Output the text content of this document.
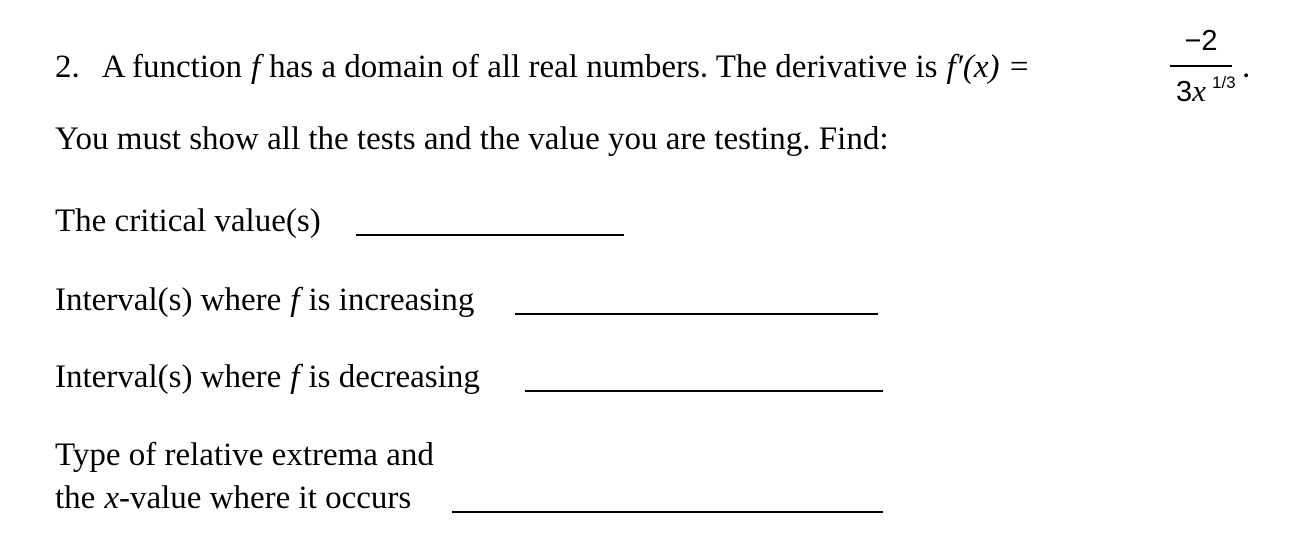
2. A function f has a domain of all real numbers. The derivative is f′(x) =
−2
3x 1/3 .
You must show all the tests and the value you are testing. Find:
The critical value(s)
Interval(s) where f is increasing
Interval(s) where f is decreasing
Type of relative extrema and
the x-value where it occurs
